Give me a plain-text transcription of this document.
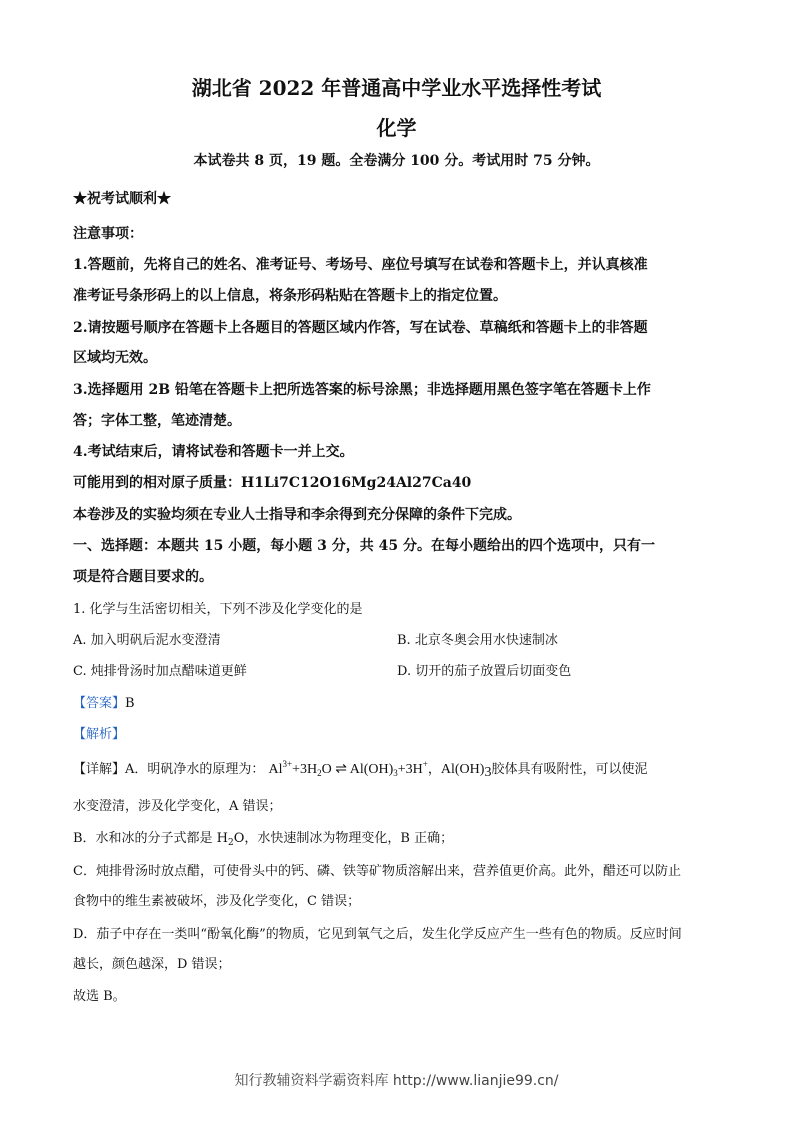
湖北省 2022 年普通高中学业水平选择性考试
化学
本试卷共 8 页，19 题。全卷满分 100 分。考试用时 75 分钟。
★祝考试顺利★
注意事项：
1.答题前，先将自己的姓名、准考证号、考场号、座位号填写在试卷和答题卡上，并认真核准
准考证号条形码上的以上信息，将条形码粘贴在答题卡上的指定位置。
2.请按题号顺序在答题卡上各题目的答题区域内作答，写在试卷、草稿纸和答题卡上的非答题
区域均无效。
3.选择题用 2B 铅笔在答题卡上把所选答案的标号涂黑；非选择题用黑色签字笔在答题卡上作
答；字体工整，笔迹清楚。
4.考试结束后，请将试卷和答题卡一并上交。
可能用到的相对原子质量：H1Li7C12O16Mg24Al27Ca40
本卷涉及的实验均须在专业人士指导和李余得到充分保障的条件下完成。
一、选择题：本题共 15 小题，每小题 3 分，共 45 分。在每小题给出的四个选项中，只有一
项是符合题目要求的。
1. 化学与生活密切相关，下列不涉及化学变化的是
A. 加入明矾后泥水变澄清	B. 北京冬奥会用水快速制冰
C. 炖排骨汤时加点醋味道更鲜	D. 切开的茄子放置后切面变色
【答案】B
【解析】
【详解】A．明矾净水的原理为： $Al^{3+}+3H_2O$ ⇌ $Al(OH)_3+3H^+$，Al(OH)3胶体具有吸附性，可以使泥
水变澄清，涉及化学变化，A 错误；
B．水和冰的分子式都是 $H_2O$，水快速制冰为物理变化，B 正确；
C．炖排骨汤时放点醋，可使骨头中的钙、磷、铁等矿物质溶解出来，营养值更价高。此外，醋还可以防止
食物中的维生素被破坏，涉及化学变化，C 错误；
D．茄子中存在一类叫“酚氧化酶”的物质，它见到氧气之后，发生化学反应产生一些有色的物质。反应时间
越长，颜色越深，D 错误；
故选 B。
知行教辅资料学霸资料库 http://www.lianjie99.cn/
